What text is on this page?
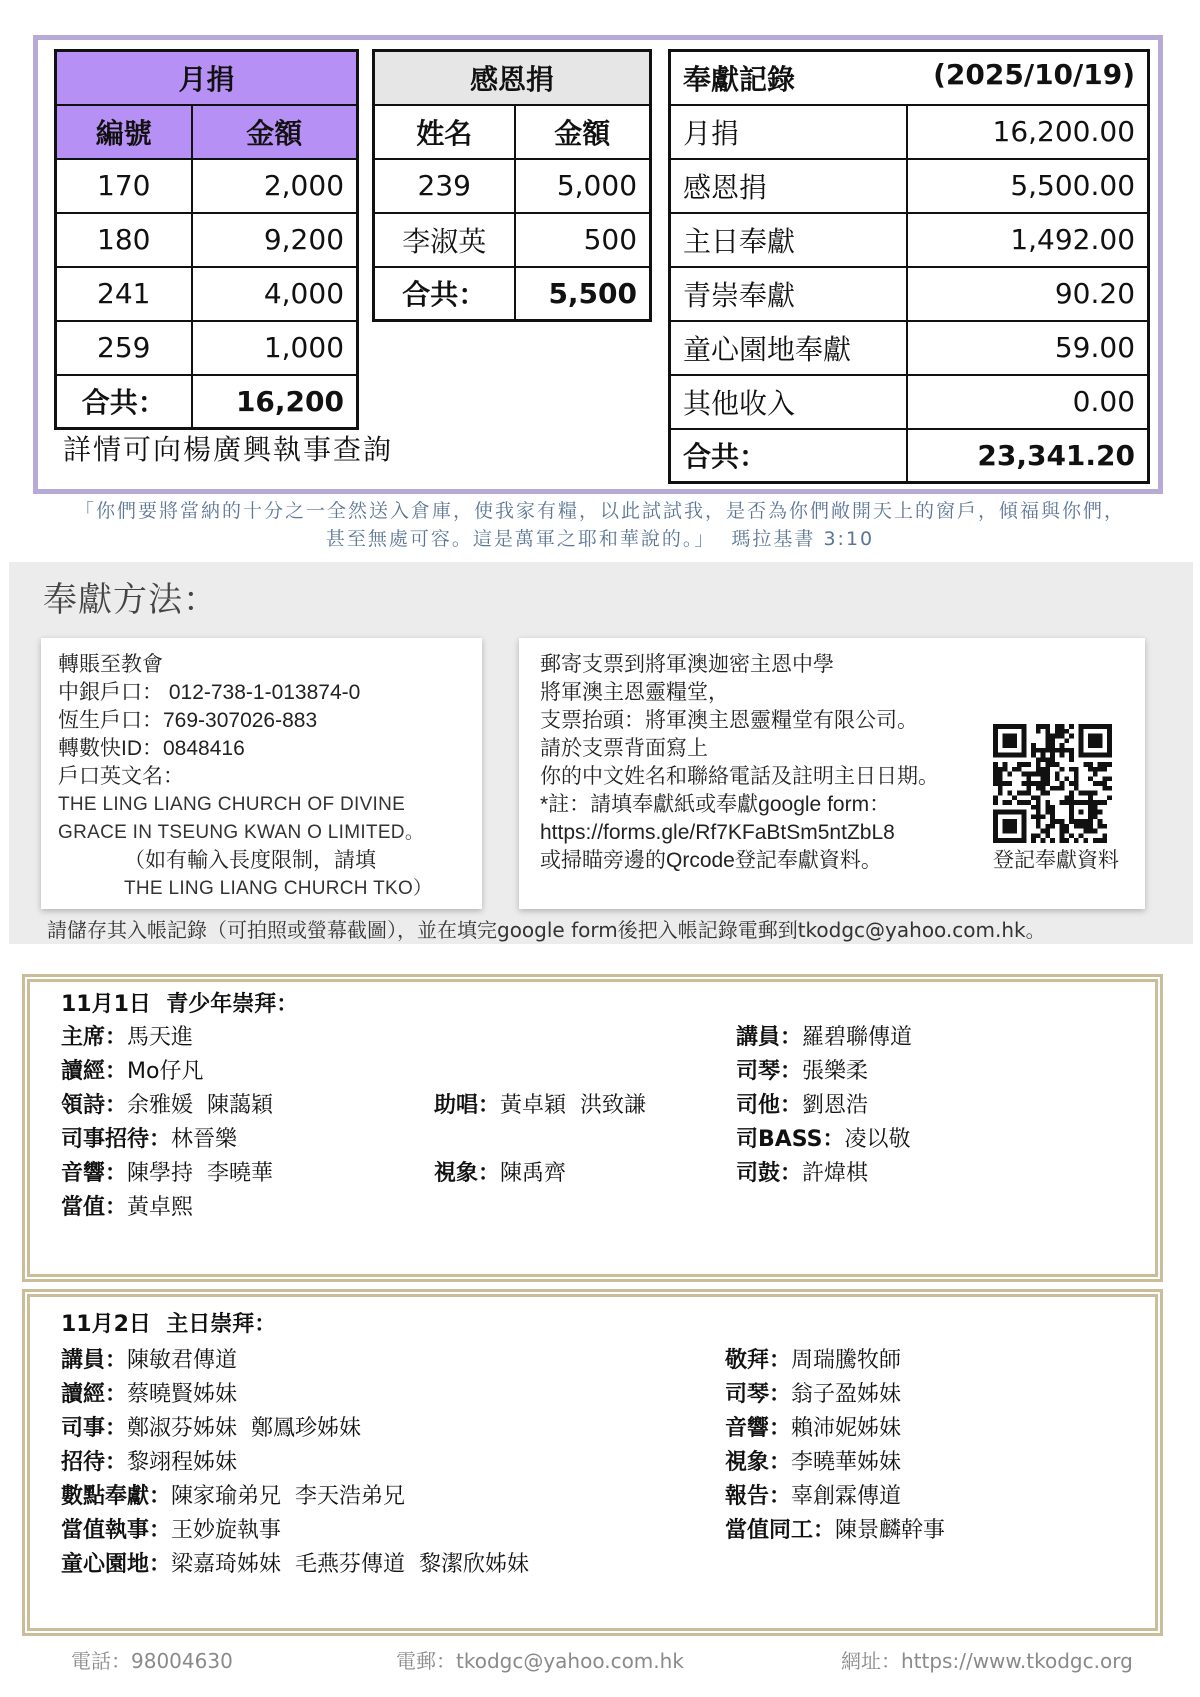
月捐	
編號	金額
170	2,000
180	9,200
241	4,000
259	1,000
合共：	16,200
感恩捐	
姓名	金額
239	5,000
李淑英	500
合共：	5,500
奉獻記錄 (2025/10/19)	

月捐	16,200.00
感恩捐	5,500.00
主日奉獻	1,492.00
青崇奉獻	90.20
童心園地奉獻	59.00
其他收入	0.00
合共：	23,341.20
詳情可向楊廣興執事查詢
「你們要將當納的十分之一全然送入倉庫，使我家有糧，以此試試我，是否為你們敞開天上的窗戶，傾福與你們，
甚至無處可容。這是萬軍之耶和華說的。」  瑪拉基書 3:10
奉獻方法：
轉賬至教會
中銀戶口： 012-738-1-013874-0
恆生戶口：769-307026-883
轉數快ID：0848416
戶口英文名：
THE LING LIANG CHURCH OF DIVINE
GRACE IN TSEUNG KWAN O LIMITED。
（如有輸入長度限制，請填
THE LING LIANG CHURCH TKO）
郵寄支票到將軍澳迦密主恩中學
將軍澳主恩靈糧堂，
支票抬頭：將軍澳主恩靈糧堂有限公司。
請於支票背面寫上
你的中文姓名和聯絡電話及註明主日日期。
*註：請填奉獻紙或奉獻google form：
https://forms.gle/Rf7KFaBtSm5ntZbL8
或掃瞄旁邊的Qrcode登記奉獻資料。	登記奉獻資料
請儲存其入帳記錄（可拍照或螢幕截圖），並在填完google form後把入帳記錄電郵到tkodgc@yahoo.com.hk。
11月1日  青少年崇拜：
主席：馬天進
讀經：Mo仔凡
領詩：余雅媛  陳藹穎
司事招待：林晉樂
音響：陳學持  李曉華
當值：黃卓熙
助唱：黃卓穎  洪致謙
視象：陳禹齊
講員：羅碧聯傳道
司琴：張樂柔
司他：劉恩浩
司BASS：凌以敬
司鼓：許煒棋
11月2日  主日崇拜：
講員：陳敏君傳道
讀經：蔡曉賢姊妹
司事：鄭淑芬姊妹  鄭鳳珍姊妹
招待：黎翊程姊妹
數點奉獻：陳家瑜弟兄  李天浩弟兄
當值執事：王妙旋執事
童心園地：梁嘉琦姊妹  毛燕芬傳道  黎潔欣姊妹
敬拜：周瑞騰牧師
司琴：翁子盈姊妹
音響：賴沛妮姊妹
視象：李曉華姊妹
報告：辜創霖傳道
當值同工：陳景麟幹事
電話：98004630	電郵：tkodgc@yahoo.com.hk	網址：https://www.tkodgc.org
